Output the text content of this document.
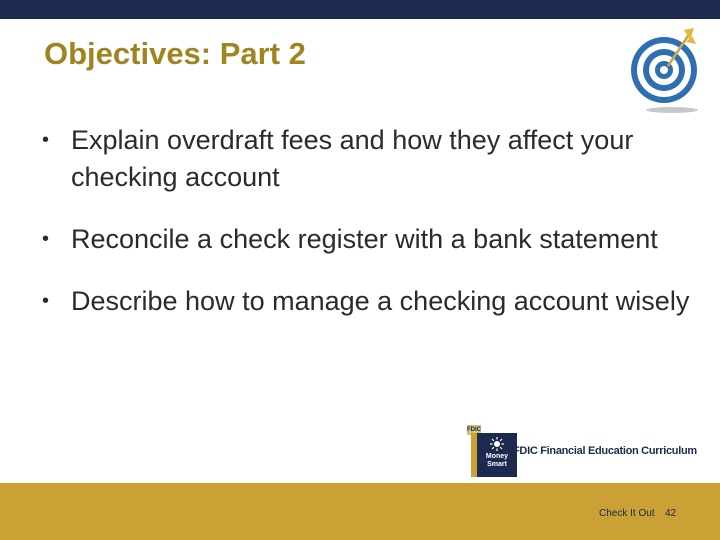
Objectives: Part 2
• Explain overdraft fees and how they affect your checking account
• Reconcile a check register with a bank statement
• Describe how to manage a checking account wisely
FDIC
Money Smart
FDIC Financial Education Curriculum
Check It Out 42
